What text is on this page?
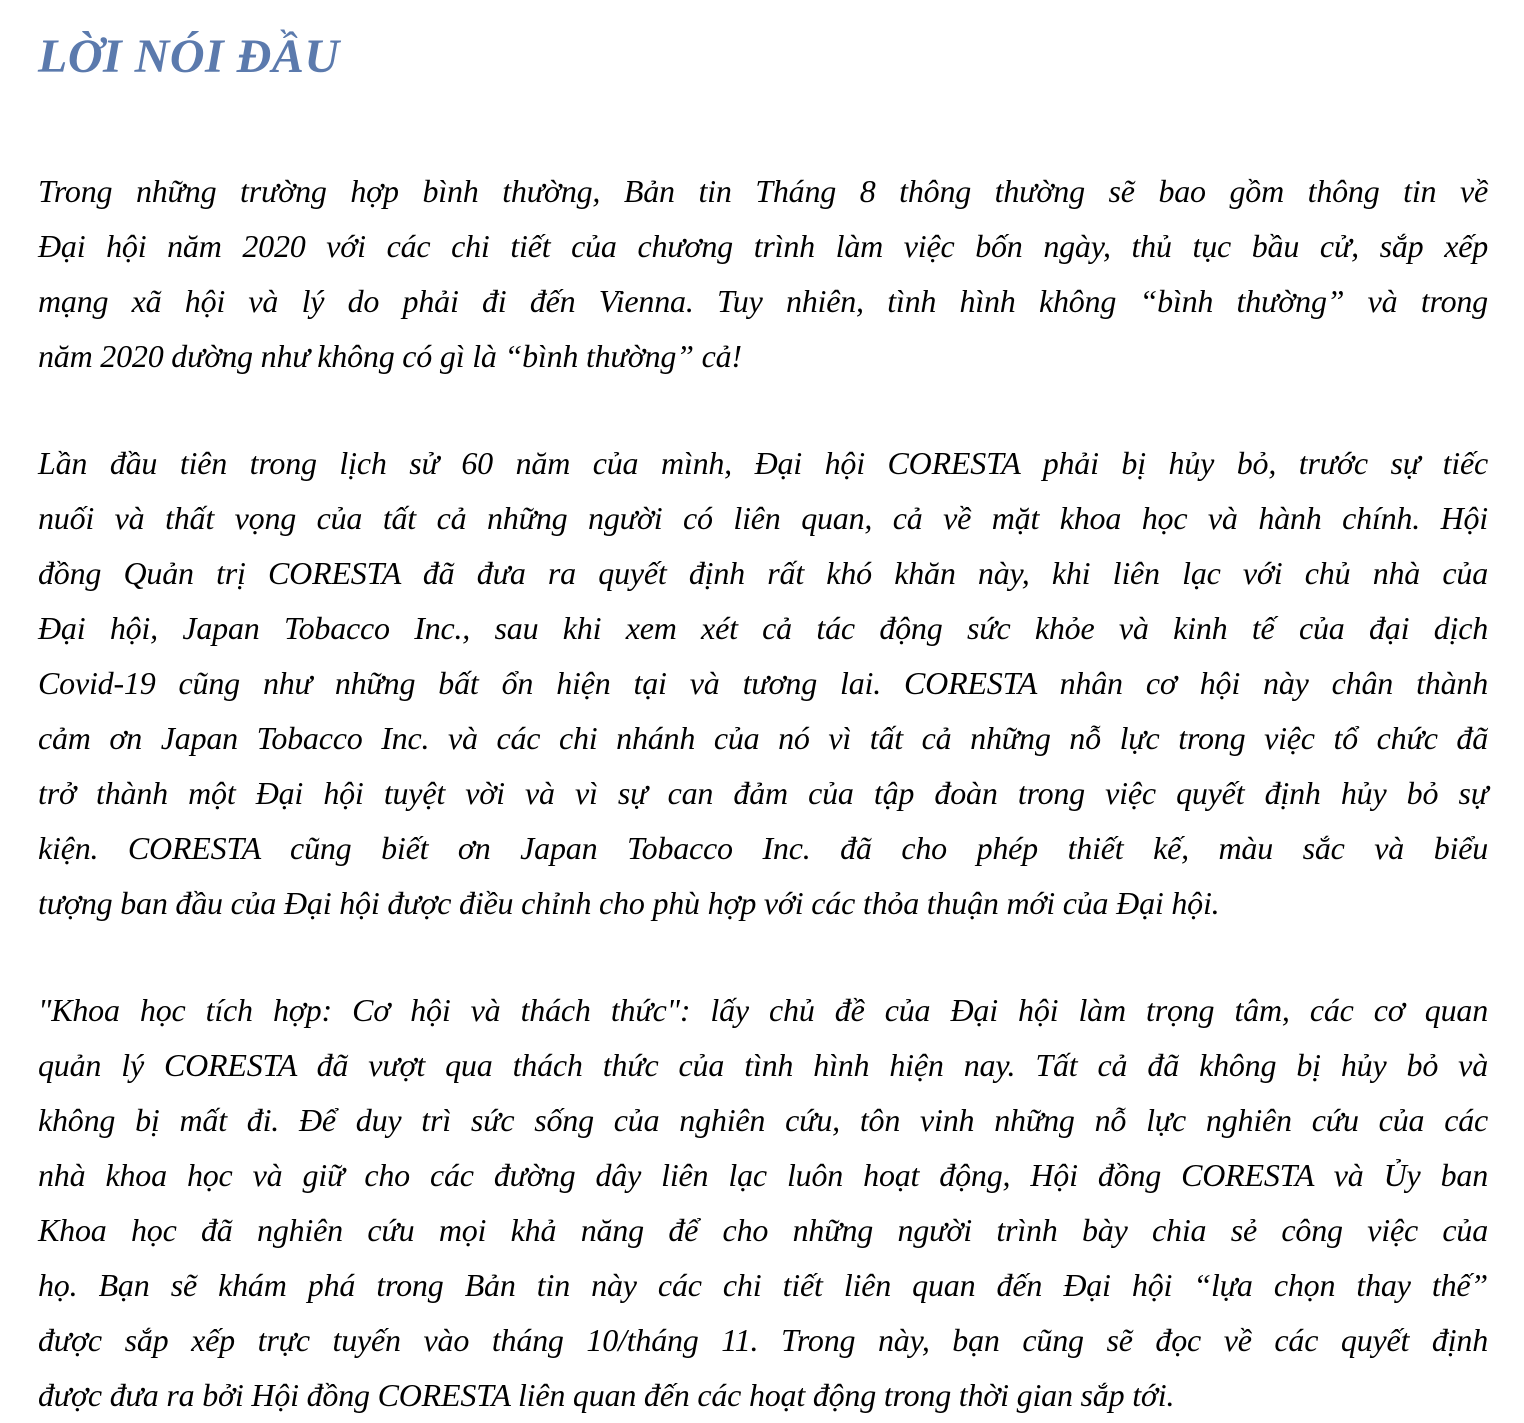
LỜI NÓI ĐẦU
Trong những trường hợp bình thường, Bản tin Tháng 8 thông thường sẽ bao gồm thông tin về
Đại hội năm 2020 với các chi tiết của chương trình làm việc bốn ngày, thủ tục bầu cử, sắp xếp
mạng xã hội và lý do phải đi đến Vienna. Tuy nhiên, tình hình không “bình thường” và trong
năm 2020 dường như không có gì là “bình thường” cả!
Lần đầu tiên trong lịch sử 60 năm của mình, Đại hội CORESTA phải bị hủy bỏ, trước sự tiếc
nuối và thất vọng của tất cả những người có liên quan, cả về mặt khoa học và hành chính. Hội
đồng Quản trị CORESTA đã đưa ra quyết định rất khó khăn này, khi liên lạc với chủ nhà của
Đại hội, Japan Tobacco Inc., sau khi xem xét cả tác động sức khỏe và kinh tế của đại dịch
Covid-19 cũng như những bất ổn hiện tại và tương lai. CORESTA nhân cơ hội này chân thành
cảm ơn Japan Tobacco Inc. và các chi nhánh của nó vì tất cả những nỗ lực trong việc tổ chức đã
trở thành một Đại hội tuyệt vời và vì sự can đảm của tập đoàn trong việc quyết định hủy bỏ sự
kiện. CORESTA cũng biết ơn Japan Tobacco Inc. đã cho phép thiết kế, màu sắc và biểu
tượng ban đầu của Đại hội được điều chỉnh cho phù hợp với các thỏa thuận mới của Đại hội.
"Khoa học tích hợp: Cơ hội và thách thức": lấy chủ đề của Đại hội làm trọng tâm, các cơ quan
quản lý CORESTA đã vượt qua thách thức của tình hình hiện nay. Tất cả đã không bị hủy bỏ và
không bị mất đi. Để duy trì sức sống của nghiên cứu, tôn vinh những nỗ lực nghiên cứu của các
nhà khoa học và giữ cho các đường dây liên lạc luôn hoạt động, Hội đồng CORESTA và Ủy ban
Khoa học đã nghiên cứu mọi khả năng để cho những người trình bày chia sẻ công việc của
họ. Bạn sẽ khám phá trong Bản tin này các chi tiết liên quan đến Đại hội “lựa chọn thay thế”
được sắp xếp trực tuyến vào tháng 10/tháng 11. Trong này, bạn cũng sẽ đọc về các quyết định
được đưa ra bởi Hội đồng CORESTA liên quan đến các hoạt động trong thời gian sắp tới.
